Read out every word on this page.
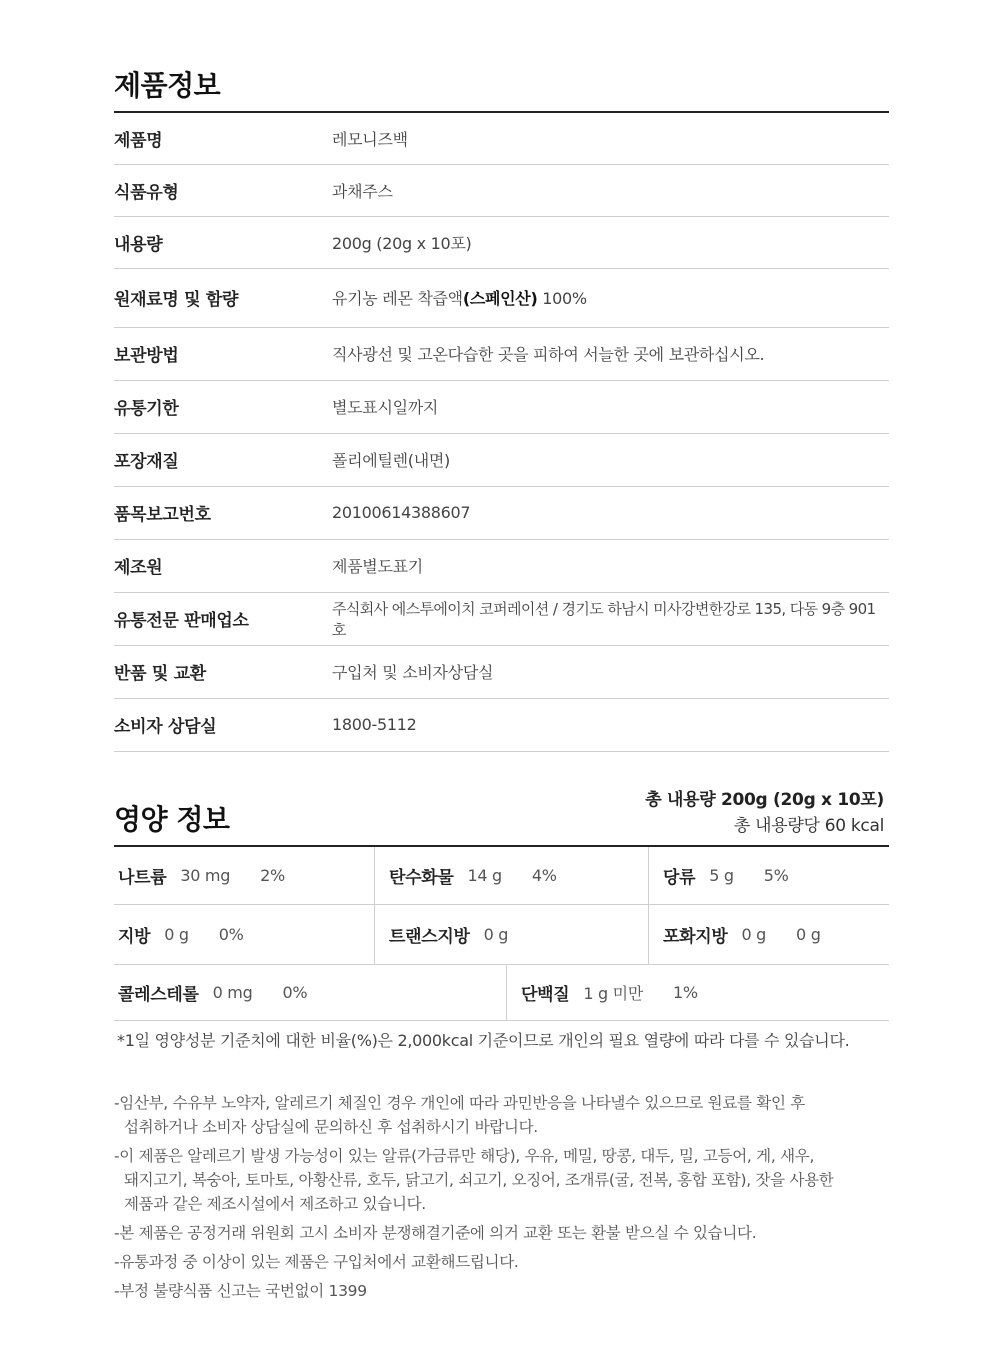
제품정보
제품명	레모니즈백
식품유형	과채주스
내용량	200g (20g x 10포)
원재료명 및 함량	유기농 레몬 착즙액(스페인산) 100%
보관방법	직사광선 및 고온다습한 곳을 피하여 서늘한 곳에 보관하십시오.
유통기한	별도표시일까지
포장재질	폴리에틸렌(내면)
품목보고번호	20100614388607
제조원	제품별도표기
유통전문 판매업소	주식회사 에스투에이치 코퍼레이션 / 경기도 하남시 미사강변한강로 135, 다동 9층 901호
반품 및 교환	구입처 및 소비자상담실
소비자 상담실	1800-5112
영양 정보
총 내용량 200g (20g x 10포)
총 내용량당 60 kcal
나트륨 30 mg 2%	탄수화물 14 g 4%	당류 5 g 5%
지방 0 g 0%	트랜스지방 0 g	포화지방 0 g 0 g
콜레스테롤 0 mg 0%	단백질 1 g 미만 1%

*1일 영양성분 기준치에 대한 비율(%)은 2,000kcal 기준이므로 개인의 필요 열량에 따라 다를 수 있습니다.

-임산부, 수유부 노약자, 알레르기 체질인 경우 개인에 따라 과민반응을 나타낼수 있으므로 원료를 확인 후
섭취하거나 소비자 상담실에 문의하신 후 섭취하시기 바랍니다.
-이 제품은 알레르기 발생 가능성이 있는 알류(가금류만 해당), 우유, 메밀, 땅콩, 대두, 밀, 고등어, 게, 새우,
돼지고기, 복숭아, 토마토, 아황산류, 호두, 닭고기, 쇠고기, 오징어, 조개류(굴, 전복, 홍합 포함), 잣을 사용한
제품과 같은 제조시설에서 제조하고 있습니다.
-본 제품은 공정거래 위원회 고시 소비자 분쟁해결기준에 의거 교환 또는 환불 받으실 수 있습니다.
-유통과정 중 이상이 있는 제품은 구입처에서 교환해드립니다.
-부정 불량식품 신고는 국번없이 1399
